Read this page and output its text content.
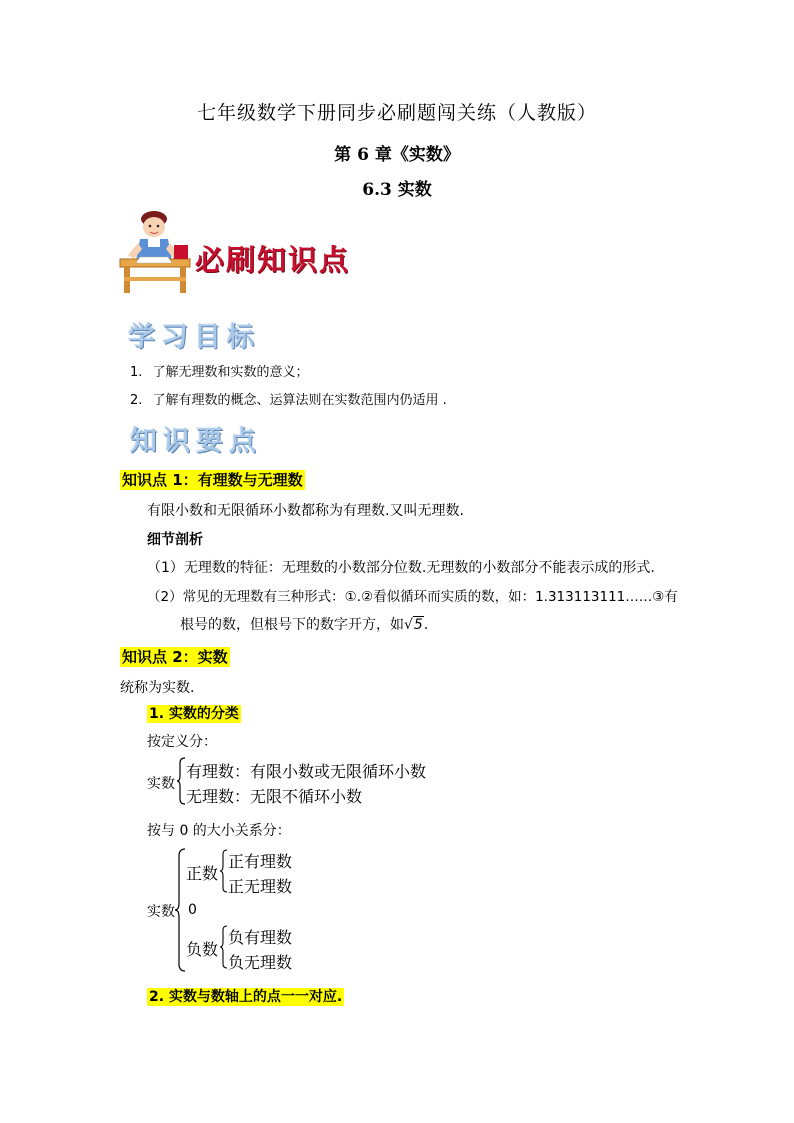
七年级数学下册同步必刷题闯关练（人教版）
第 6 章《实数》
6.3 实数
必刷知识点
学习目标
1. 了解无理数和实数的意义；
2. 了解有理数的概念、运算法则在实数范围内仍适用 .
知识要点
知识点 1：有理数与无理数
有限小数和无限循环小数都称为有理数.又叫无理数.
细节剖析
（1）无理数的特征：无理数的小数部分位数.无理数的小数部分不能表示成的形式.
（2）常见的无理数有三种形式：①.②看似循环而实质的数，如：1.313113111……③有
根号的数，但根号下的数字开方，如√5.
知识点 2：实数
统称为实数.
1. 实数的分类
按定义分：
实数
有理数：有限小数或无限循环小数
无理数：无限不循环小数
按与 0 的大小关系分：
实数
正数
正有理数
正无理数
0
负数
负有理数
负无理数
2. 实数与数轴上的点一一对应.
